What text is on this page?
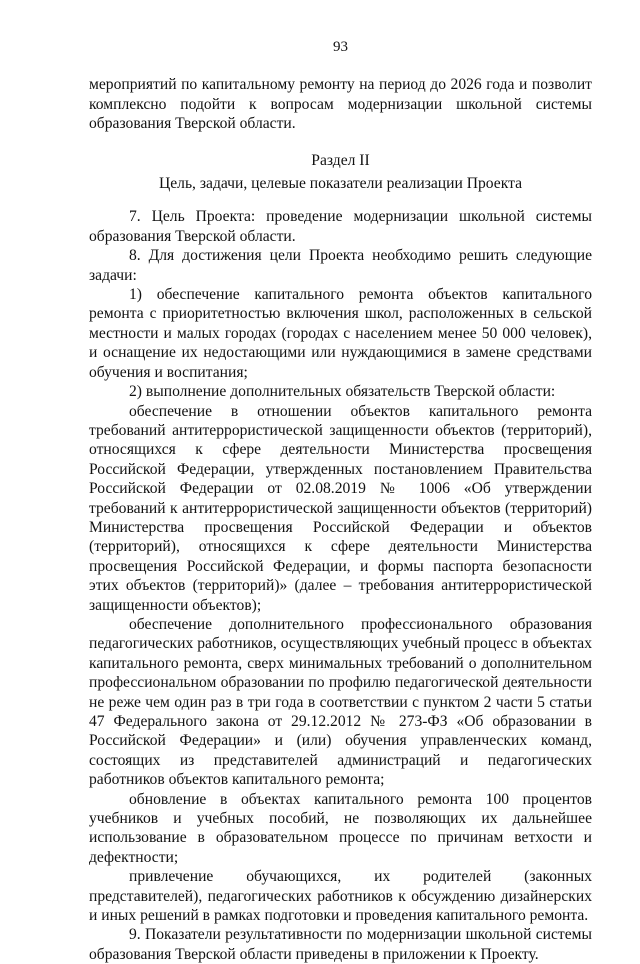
93

мероприятий по капитальному ремонту на период до 2026 года и позволит комплексно подойти к вопросам модернизации школьной системы образования Тверской области.

Раздел II

Цель, задачи, целевые показатели реализации Проекта

7. Цель Проекта: проведение модернизации школьной системы образования Тверской области.

8. Для достижения цели Проекта необходимо решить следующие задачи:

1) обеспечение капитального ремонта объектов капитального ремонта с приоритетностью включения школ, расположенных в сельской местности и малых городах (городах с населением менее 50 000 человек), и оснащение их недостающими или нуждающимися в замене средствами обучения и воспитания;

2) выполнение дополнительных обязательств Тверской области:

обеспечение в отношении объектов капитального ремонта требований антитеррористической защищенности объектов (территорий), относящихся к сфере деятельности Министерства просвещения Российской Федерации, утвержденных постановлением Правительства Российской Федерации от 02.08.2019 № 1006 «Об утверждении требований к антитеррористической защищенности объектов (территорий) Министерства просвещения Российской Федерации и объектов (территорий), относящихся к сфере деятельности Министерства просвещения Российской Федерации, и формы паспорта безопасности этих объектов (территорий)» (далее – требования антитеррористической защищенности объектов);

обеспечение дополнительного профессионального образования педагогических работников, осуществляющих учебный процесс в объектах капитального ремонта, сверх минимальных требований о дополнительном профессиональном образовании по профилю педагогической деятельности не реже чем один раз в три года в соответствии с пунктом 2 части 5 статьи 47 Федерального закона от 29.12.2012 № 273-ФЗ «Об образовании в Российской Федерации» и (или) обучения управленческих команд, состоящих из представителей администраций и педагогических работников объектов капитального ремонта;

обновление в объектах капитального ремонта 100 процентов учебников и учебных пособий, не позволяющих их дальнейшее использование в образовательном процессе по причинам ветхости и дефектности;

привлечение обучающихся, их родителей (законных представителей), педагогических работников к обсуждению дизайнерских и иных решений в рамках подготовки и проведения капитального ремонта.

9. Показатели результативности по модернизации школьной системы образования Тверской области приведены в приложении к Проекту.
